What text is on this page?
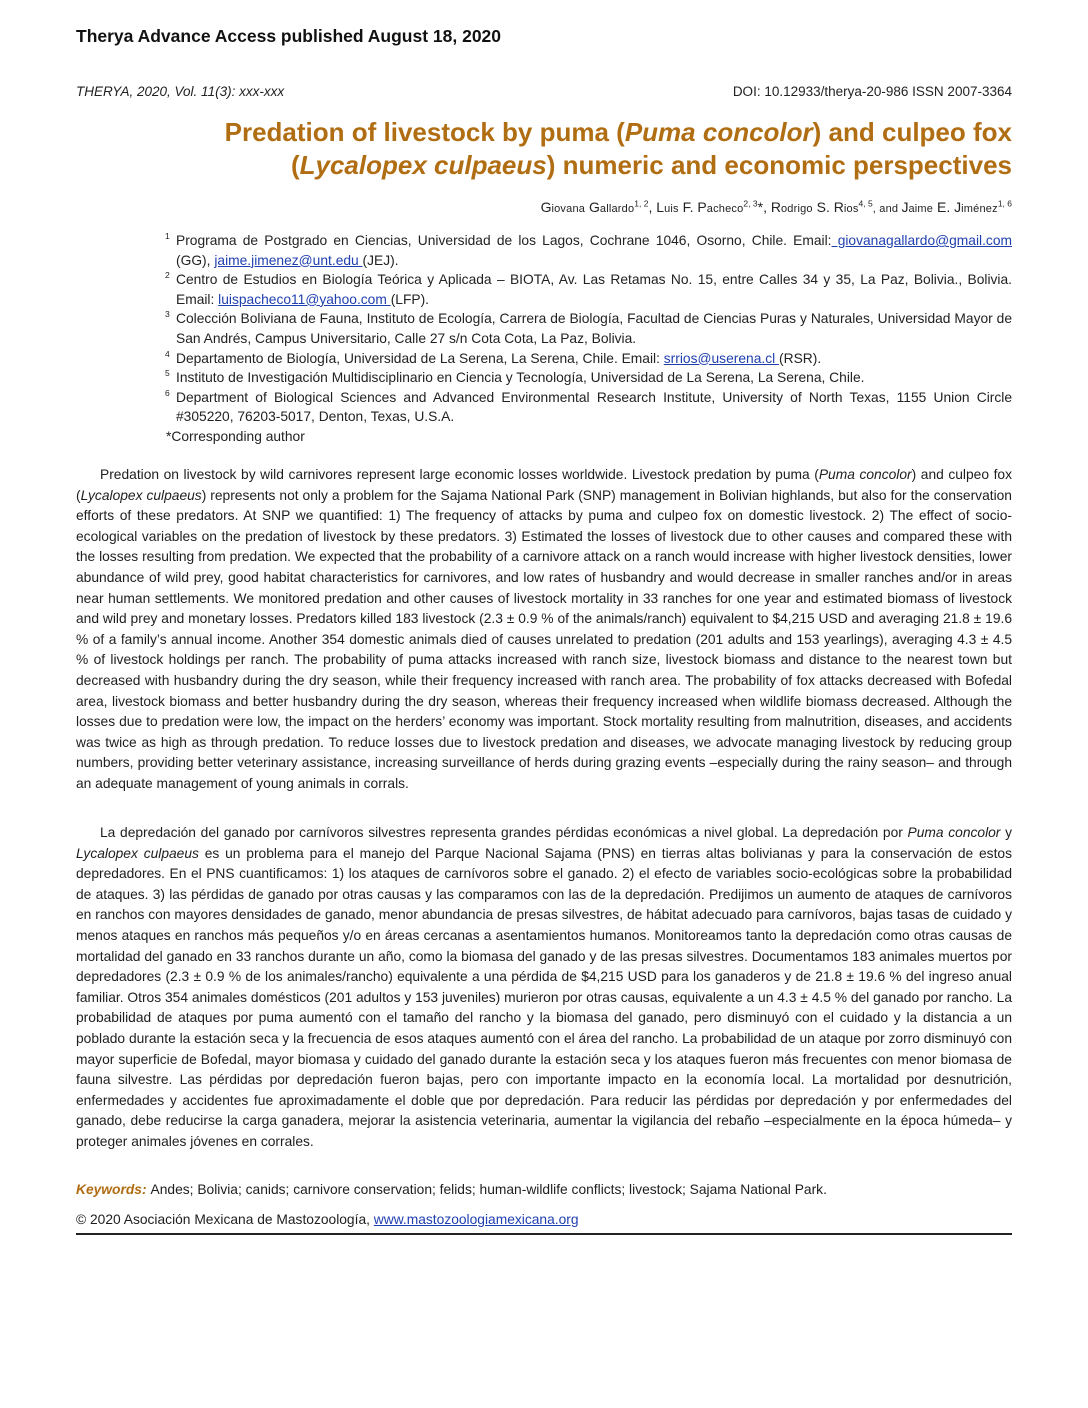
Therya Advance Access published August 18, 2020
THERYA, 2020, Vol. 11(3): xxx-xxx	DOI: 10.12933/therya-20-986 ISSN 2007-3364
Predation of livestock by puma (Puma concolor) and culpeo fox
(Lycalopex culpaeus) numeric and economic perspectives
Giovana Gallardo$^{1, 2}$, Luis F. Pacheco$^{2, 3}$*, Rodrigo S. Rios$^{4, 5}$, and Jaime E. Jiménez$^{1, 6}$
1 Programa de Postgrado en Ciencias, Universidad de los Lagos, Cochrane 1046, Osorno, Chile. Email: giovanagallardo@gmail.com (GG), jaime.jimenez@unt.edu (JEJ).
2 Centro de Estudios en Biología Teórica y Aplicada – BIOTA, Av. Las Retamas No. 15, entre Calles 34 y 35, La Paz, Bolivia., Bolivia. Email: luispacheco11@yahoo.com (LFP).
3 Colección Boliviana de Fauna, Instituto de Ecología, Carrera de Biología, Facultad de Ciencias Puras y Naturales, Universidad Mayor de San Andrés, Campus Universitario, Calle 27 s/n Cota Cota, La Paz, Bolivia.
4 Departamento de Biología, Universidad de La Serena, La Serena, Chile. Email: srrios@userena.cl (RSR).
5 Instituto de Investigación Multidisciplinario en Ciencia y Tecnología, Universidad de La Serena, La Serena, Chile.
6 Department of Biological Sciences and Advanced Environmental Research Institute, University of North Texas, 1155 Union Circle #305220, 76203-5017, Denton, Texas, U.S.A.
*Corresponding author

Predation on livestock by wild carnivores represent large economic losses worldwide. Livestock predation by puma (Puma concolor) and culpeo fox (Lycalopex culpaeus) represents not only a problem for the Sajama National Park (SNP) management in Bolivian highlands, but also for the conservation efforts of these predators. At SNP we quantified: 1) The frequency of attacks by puma and culpeo fox on domestic livestock. 2) The effect of socio-ecological variables on the predation of livestock by these predators. 3) Estimated the losses of livestock due to other causes and compared these with the losses resulting from predation. We expected that the probability of a carnivore attack on a ranch would increase with higher livestock densities, lower abundance of wild prey, good habitat characteristics for carnivores, and low rates of husbandry and would decrease in smaller ranches and/or in areas near human settlements. We monitored predation and other causes of livestock mortality in 33 ranches for one year and estimated biomass of livestock and wild prey and monetary losses. Predators killed 183 livestock (2.3 ± 0.9 % of the animals/ranch) equivalent to $4,215 USD and averaging 21.8 ± 19.6 % of a family’s annual income. Another 354 domestic animals died of causes unrelated to predation (201 adults and 153 yearlings), averaging 4.3 ± 4.5 % of livestock holdings per ranch. The probability of puma attacks increased with ranch size, livestock biomass and distance to the nearest town but decreased with husbandry during the dry season, while their frequency increased with ranch area. The probability of fox attacks decreased with Bofedal area, livestock biomass and better husbandry during the dry season, whereas their frequency increased when wildlife biomass decreased. Although the losses due to predation were low, the impact on the herders’ economy was important. Stock mortality resulting from malnutrition, diseases, and accidents was twice as high as through predation. To reduce losses due to livestock predation and diseases, we advocate managing livestock by reducing group numbers, providing better veterinary assistance, increasing surveillance of herds during grazing events –especially during the rainy season– and through an adequate management of young animals in corrals.

La depredación del ganado por carnívoros silvestres representa grandes pérdidas económicas a nivel global. La depredación por Puma concolor y Lycalopex culpaeus es un problema para el manejo del Parque Nacional Sajama (PNS) en tierras altas bolivianas y para la conservación de estos depredadores. En el PNS cuantificamos: 1) los ataques de carnívoros sobre el ganado. 2) el efecto de variables socio-ecológicas sobre la probabilidad de ataques. 3) las pérdidas de ganado por otras causas y las comparamos con las de la depredación. Predijimos un aumento de ataques de carnívoros en ranchos con mayores densidades de ganado, menor abundancia de presas silvestres, de hábitat adecuado para carnívoros, bajas tasas de cuidado y menos ataques en ranchos más pequeños y/o en áreas cercanas a asentamientos humanos. Monitoreamos tanto la depredación como otras causas de mortalidad del ganado en 33 ranchos durante un año, como la biomasa del ganado y de las presas silvestres. Documentamos 183 animales muertos por depredadores (2.3 ± 0.9 % de los animales/rancho) equivalente a una pérdida de $4,215 USD para los ganaderos y de 21.8 ± 19.6 % del ingreso anual familiar. Otros 354 animales domésticos (201 adultos y 153 juveniles) murieron por otras causas, equivalente a un 4.3 ± 4.5 % del ganado por rancho. La probabilidad de ataques por puma aumentó con el tamaño del rancho y la biomasa del ganado, pero disminuyó con el cuidado y la distancia a un poblado durante la estación seca y la frecuencia de esos ataques aumentó con el área del rancho. La probabilidad de un ataque por zorro disminuyó con mayor superficie de Bofedal, mayor biomasa y cuidado del ganado durante la estación seca y los ataques fueron más frecuentes con menor biomasa de fauna silvestre. Las pérdidas por depredación fueron bajas, pero con importante impacto en la economía local. La mortalidad por desnutrición, enfermedades y accidentes fue aproximadamente el doble que por depredación. Para reducir las pérdidas por depredación y por enfermedades del ganado, debe reducirse la carga ganadera, mejorar la asistencia veterinaria, aumentar la vigilancia del rebaño –especialmente en la época húmeda– y proteger animales jóvenes en corrales.

Keywords: Andes; Bolivia; canids; carnivore conservation; felids; human-wildlife conflicts; livestock; Sajama National Park.
© 2020 Asociación Mexicana de Mastozoología, www.mastozoologiamexicana.org
